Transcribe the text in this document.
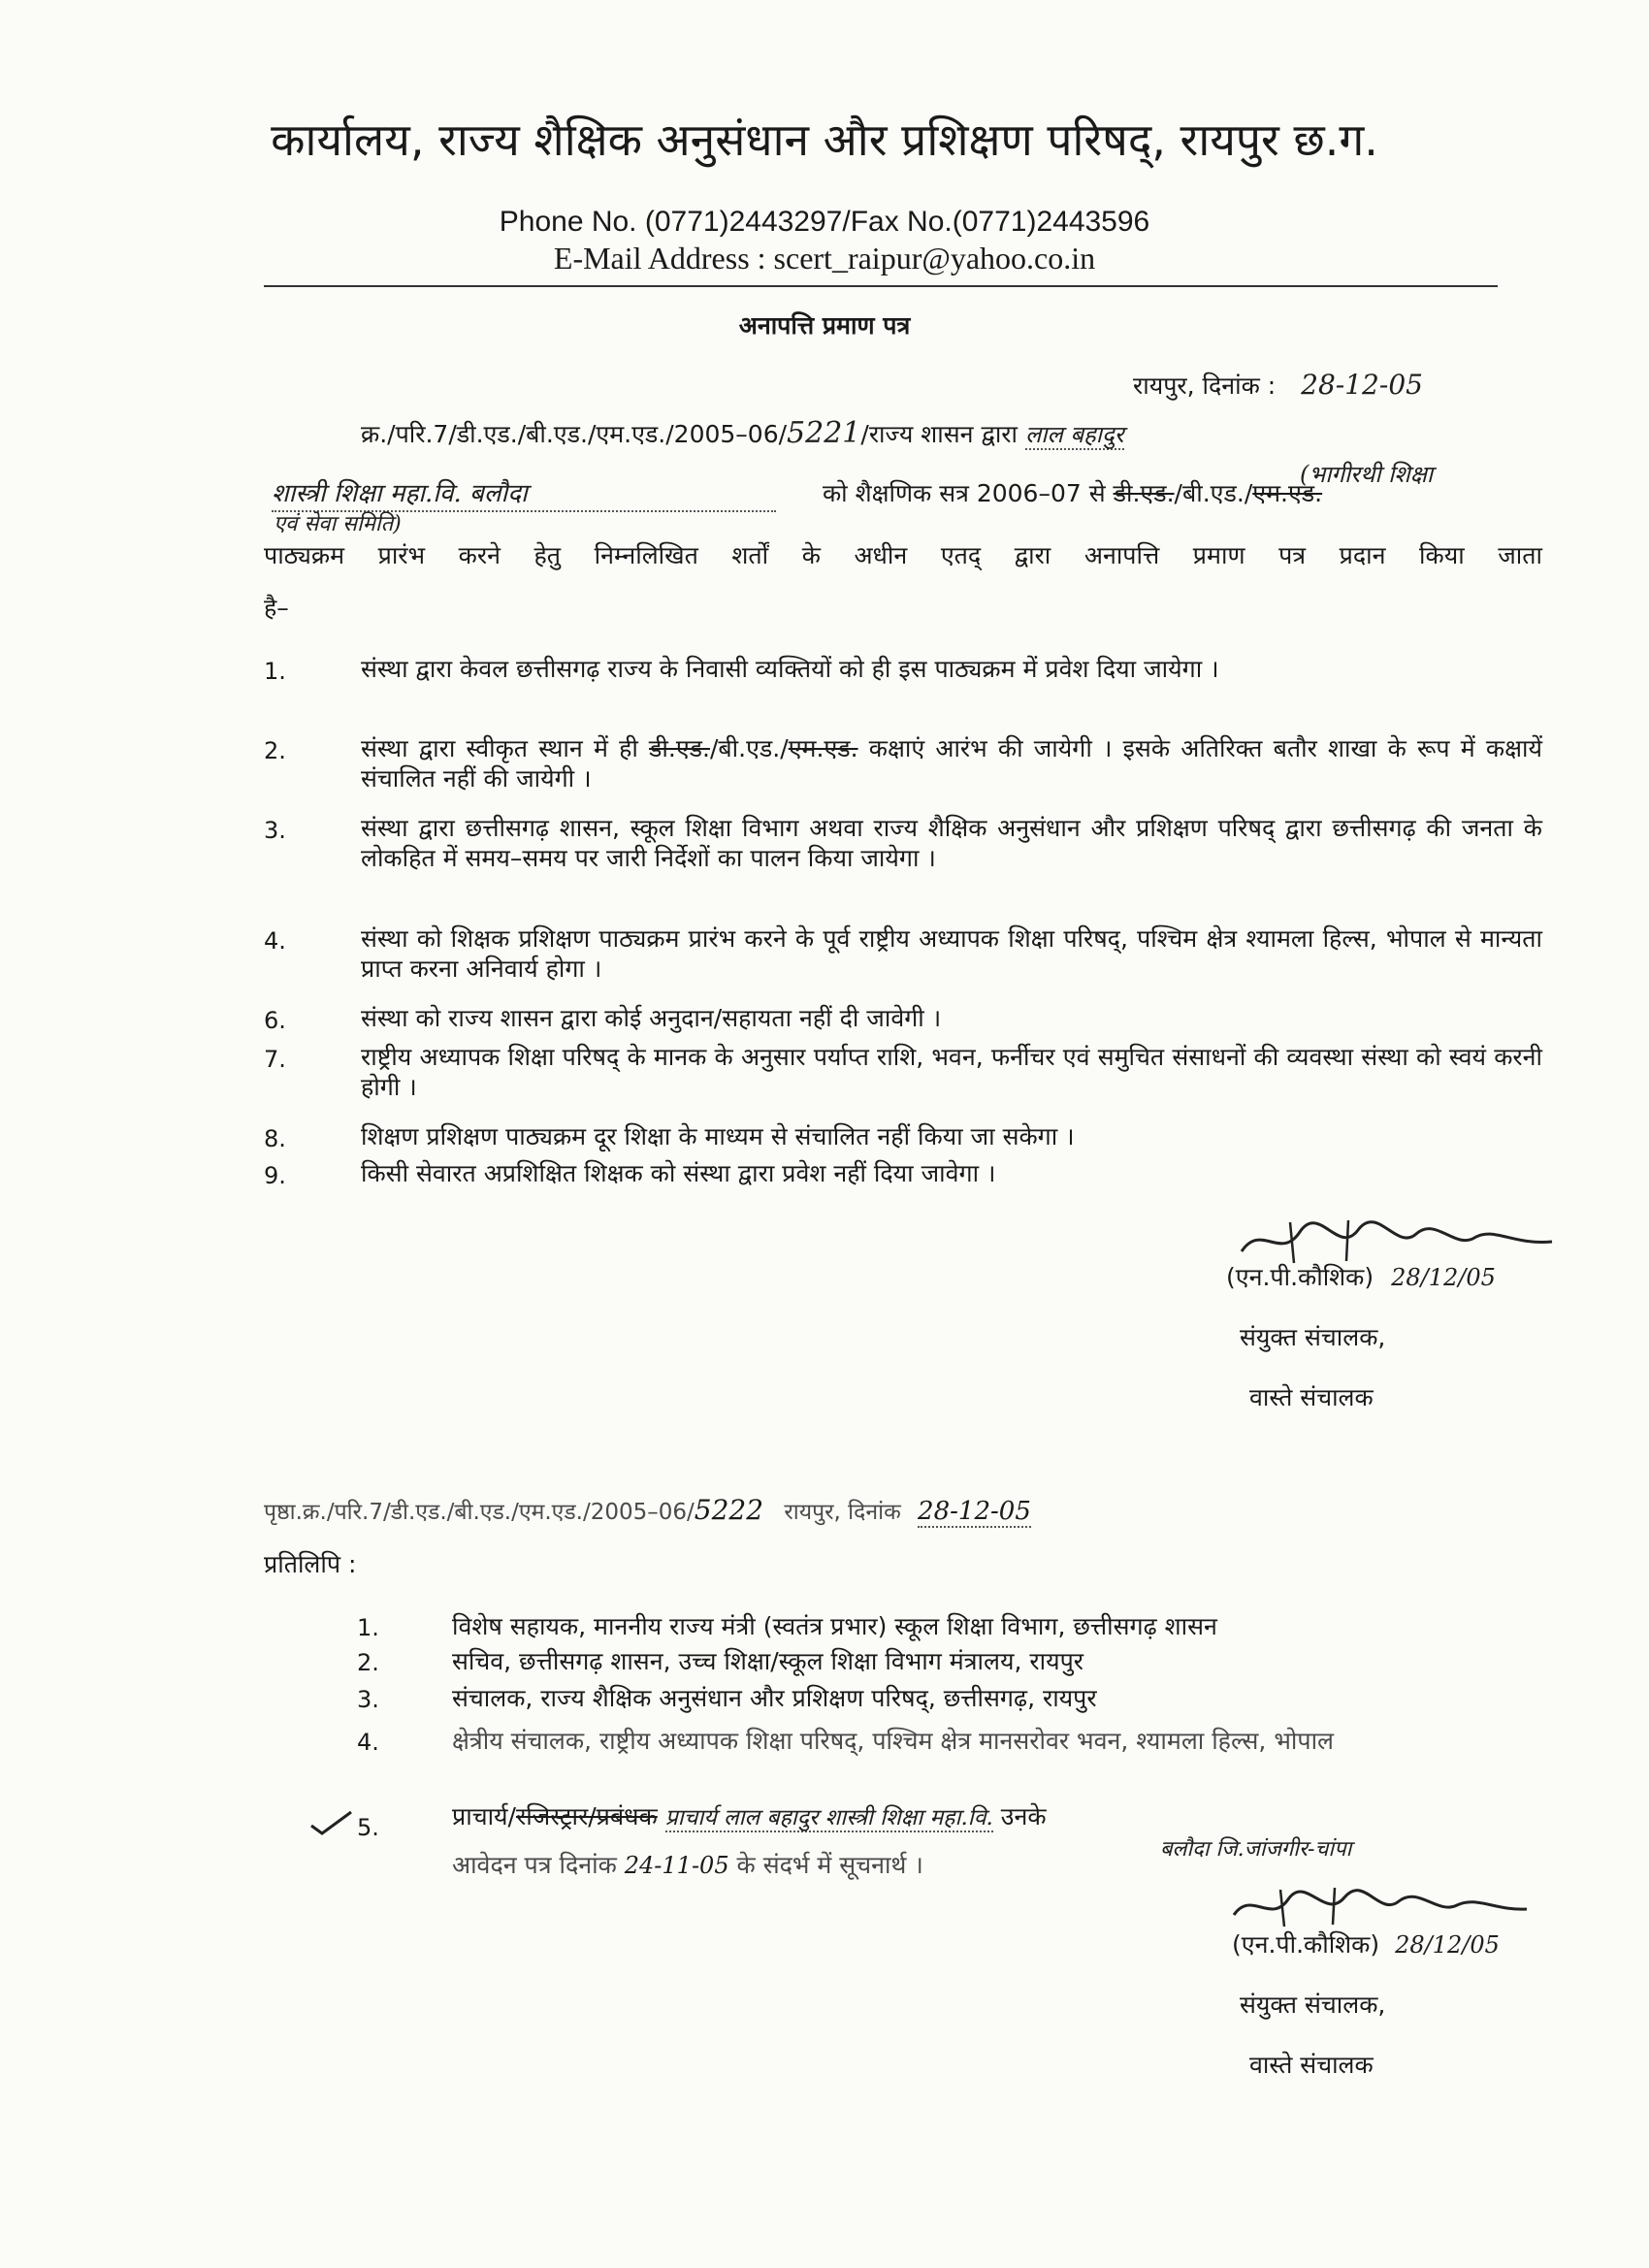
कार्यालय, राज्य शैक्षिक अनुसंधान और प्रशिक्षण परिषद्, रायपुर छ.ग.
Phone No. (0771)2443297/Fax No.(0771)2443596
E-Mail Address : scert_raipur@yahoo.co.in
अनापत्ति प्रमाण पत्र
रायपुर, दिनांक : 28-12-05
क्र./परि.7/डी.एड./बी.एड./एम.एड./2005–06/5221/राज्य शासन द्वारा लाल बहादुर
(भागीरथी शिक्षा
शास्त्री शिक्षा महा.वि. बलौदा	को शैक्षणिक सत्र 2006–07 से डी.एड./बी.एड./एम.एड.
एवं सेवा समिति)
पाठ्यक्रम प्रारंभ करने हेतु निम्नलिखित शर्तों के अधीन एतद् द्वारा अनापत्ति प्रमाण पत्र प्रदान किया जाता
है–
1.	संस्था द्वारा केवल छत्तीसगढ़ राज्य के निवासी व्यक्तियों को ही इस पाठ्यक्रम में प्रवेश दिया जायेगा ।
2.	संस्था द्वारा स्वीकृत स्थान में ही डी.एड./बी.एड./एम.एड. कक्षाएं आरंभ की जायेगी । इसके अतिरिक्त बतौर शाखा के रूप में कक्षायें संचालित नहीं की जायेगी ।
3.	संस्था द्वारा छत्तीसगढ़ शासन, स्कूल शिक्षा विभाग अथवा राज्य शैक्षिक अनुसंधान और प्रशिक्षण परिषद् द्वारा छत्तीसगढ़ की जनता के लोकहित में समय–समय पर जारी निर्देशों का पालन किया जायेगा ।
4.	संस्था को शिक्षक प्रशिक्षण पाठ्यक्रम प्रारंभ करने के पूर्व राष्ट्रीय अध्यापक शिक्षा परिषद्, पश्चिम क्षेत्र श्यामला हिल्स, भोपाल से मान्यता प्राप्त करना अनिवार्य होगा ।
6.	संस्था को राज्य शासन द्वारा कोई अनुदान/सहायता नहीं दी जावेगी ।
7.	राष्ट्रीय अध्यापक शिक्षा परिषद् के मानक के अनुसार पर्याप्त राशि, भवन, फर्नीचर एवं समुचित संसाधनों की व्यवस्था संस्था को स्वयं करनी होगी ।
8.	शिक्षण प्रशिक्षण पाठ्यक्रम दूर शिक्षा के माध्यम से संचालित नहीं किया जा सकेगा ।
9.	किसी सेवारत अप्रशिक्षित शिक्षक को संस्था द्वारा प्रवेश नहीं दिया जावेगा ।
(एन.पी.कौशिक) 28/12/05
संयुक्त संचालक,
वास्ते संचालक
पृष्ठा.क्र./परि.7/डी.एड./बी.एड./एम.एड./2005–06/5222 रायपुर, दिनांक 28-12-05
प्रतिलिपि :
1.	विशेष सहायक, माननीय राज्य मंत्री (स्वतंत्र प्रभार) स्कूल शिक्षा विभाग, छत्तीसगढ़ शासन
2.	सचिव, छत्तीसगढ़ शासन, उच्च शिक्षा/स्कूल शिक्षा विभाग मंत्रालय, रायपुर
3.	संचालक, राज्य शैक्षिक अनुसंधान और प्रशिक्षण परिषद्, छत्तीसगढ़, रायपुर
4.	क्षेत्रीय संचालक, राष्ट्रीय अध्यापक शिक्षा परिषद्, पश्चिम क्षेत्र मानसरोवर भवन, श्यामला हिल्स, भोपाल
5.	प्राचार्य/रजिस्ट्रार/प्रबंधक प्राचार्य लाल बहादुर शास्त्री शिक्षा महा.वि. उनके
बलौदा जि.जांजगीर-चांपा
आवेदन पत्र दिनांक 24-11-05 के संदर्भ में सूचनार्थ ।
(एन.पी.कौशिक) 28/12/05
संयुक्त संचालक,
वास्ते संचालक
